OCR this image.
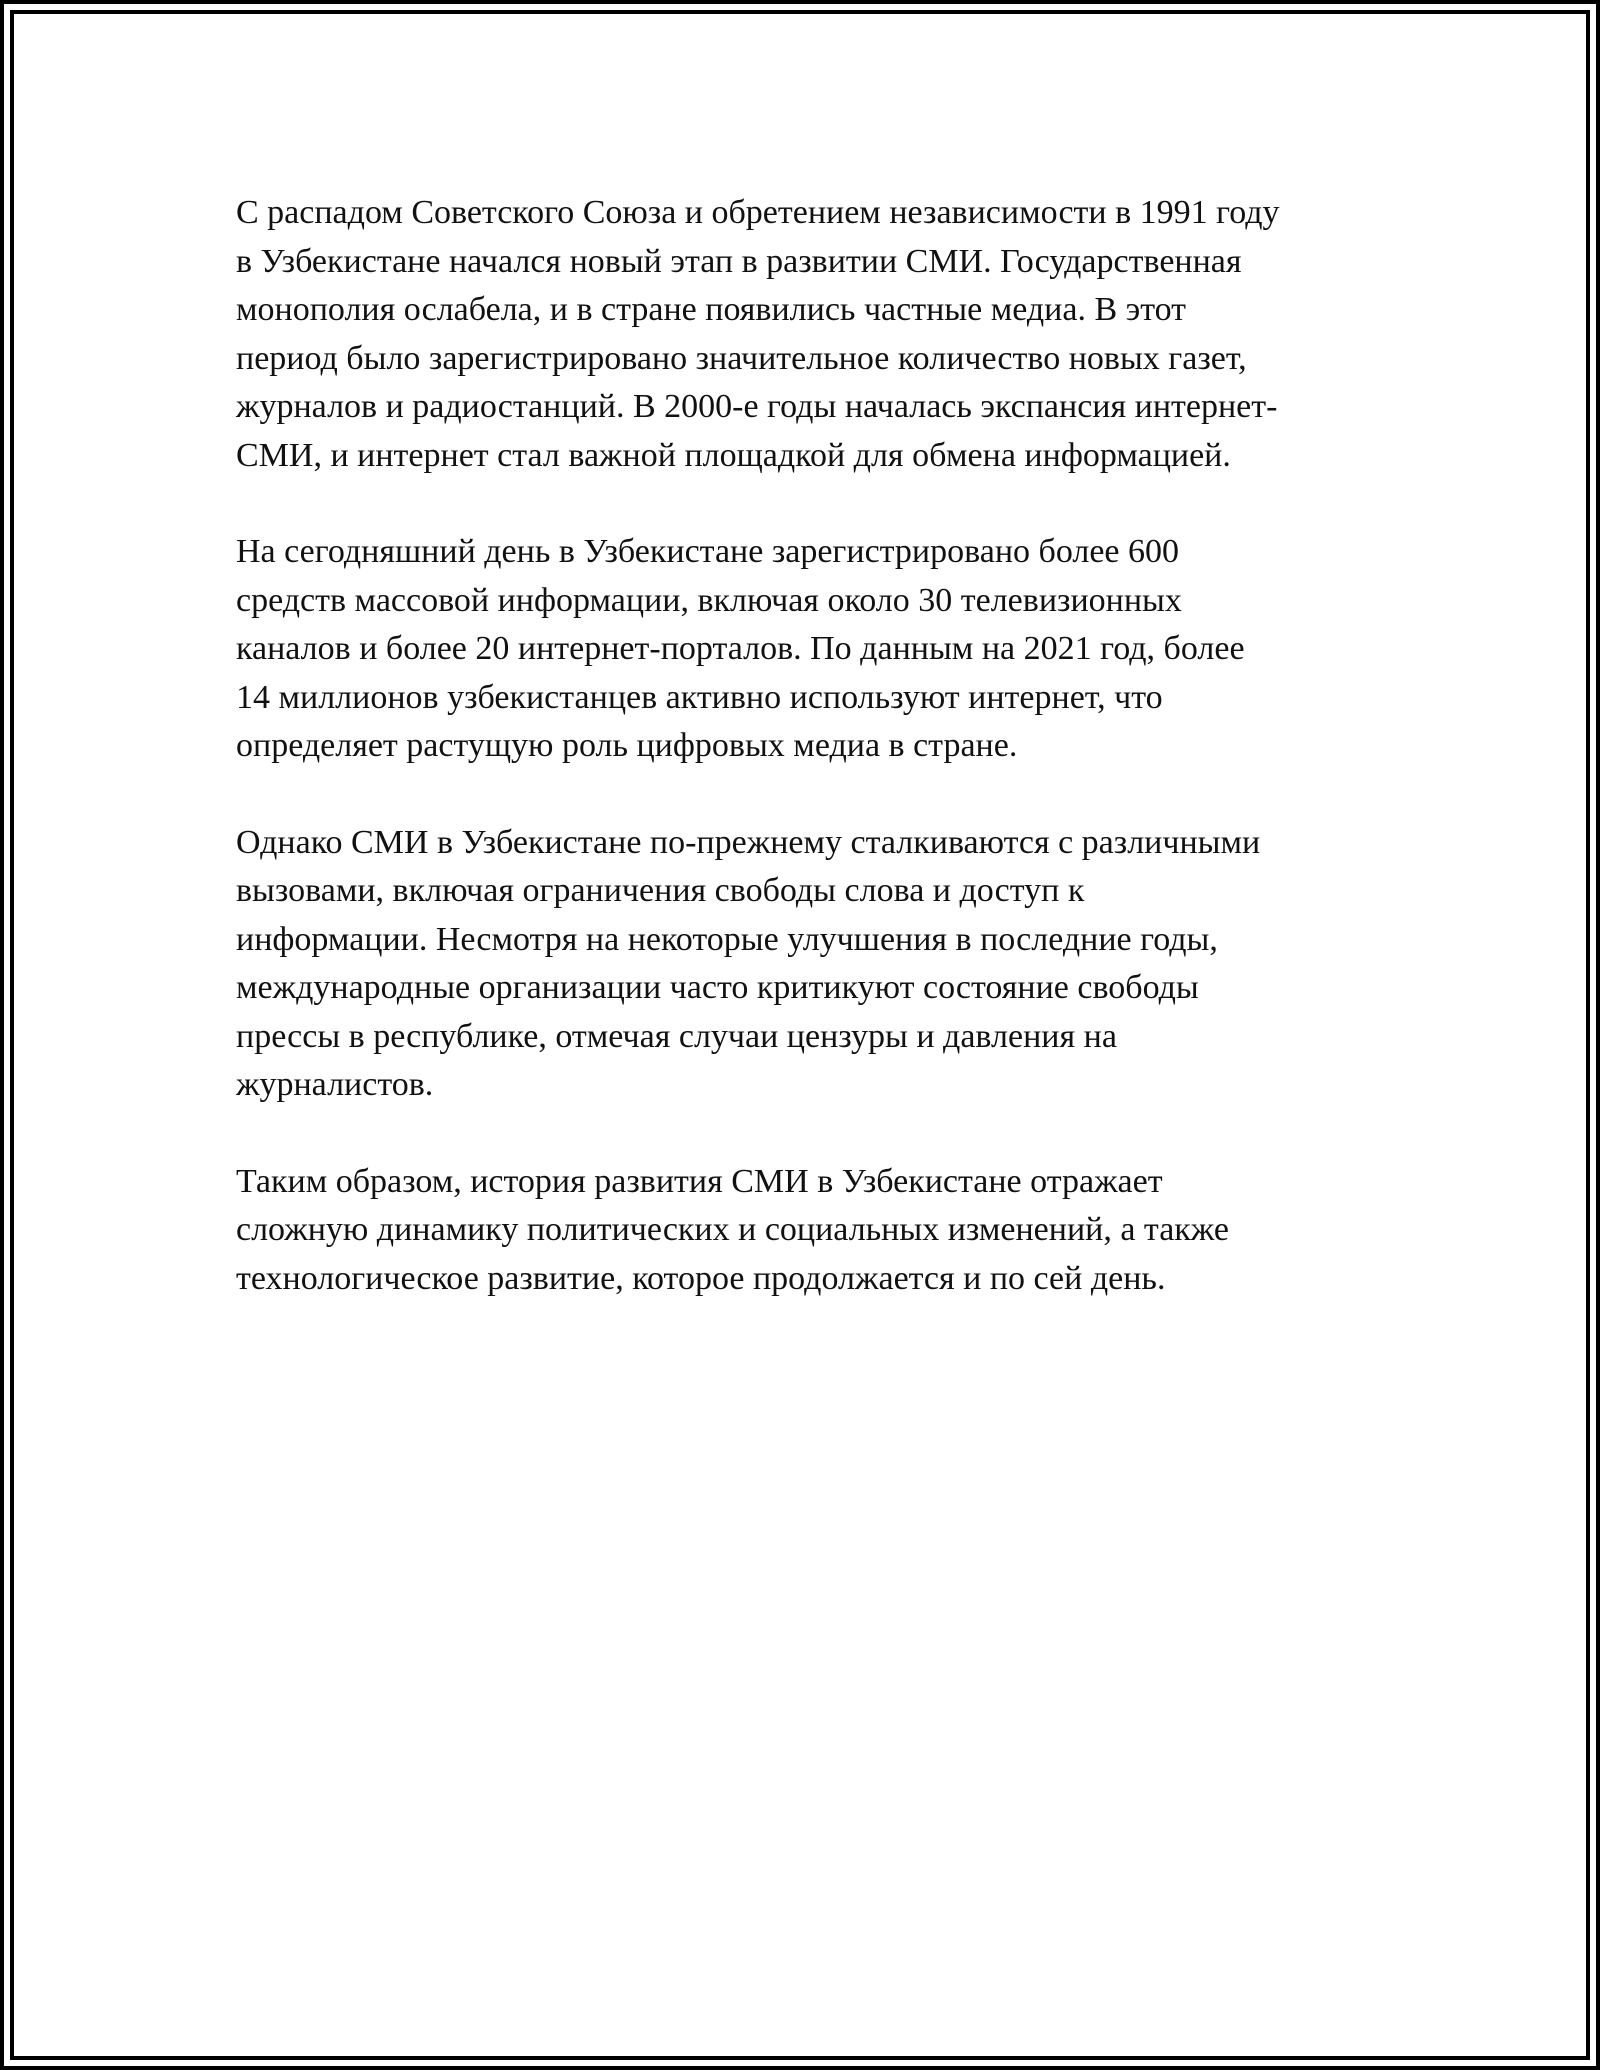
С распадом Советского Союза и обретением независимости в 1991 году
в Узбекистане начался новый этап в развитии СМИ. Государственная
монополия ослабела, и в стране появились частные медиа. В этот
период было зарегистрировано значительное количество новых газет,
журналов и радиостанций. В 2000-е годы началась экспансия интернет-
СМИ, и интернет стал важной площадкой для обмена информацией.

На сегодняшний день в Узбекистане зарегистрировано более 600
средств массовой информации, включая около 30 телевизионных
каналов и более 20 интернет-порталов. По данным на 2021 год, более
14 миллионов узбекистанцев активно используют интернет, что
определяет растущую роль цифровых медиа в стране.

Однако СМИ в Узбекистане по-прежнему сталкиваются с различными
вызовами, включая ограничения свободы слова и доступ к
информации. Несмотря на некоторые улучшения в последние годы,
международные организации часто критикуют состояние свободы
прессы в республике, отмечая случаи цензуры и давления на
журналистов.

Таким образом, история развития СМИ в Узбекистане отражает
сложную динамику политических и социальных изменений, а также
технологическое развитие, которое продолжается и по сей день.
